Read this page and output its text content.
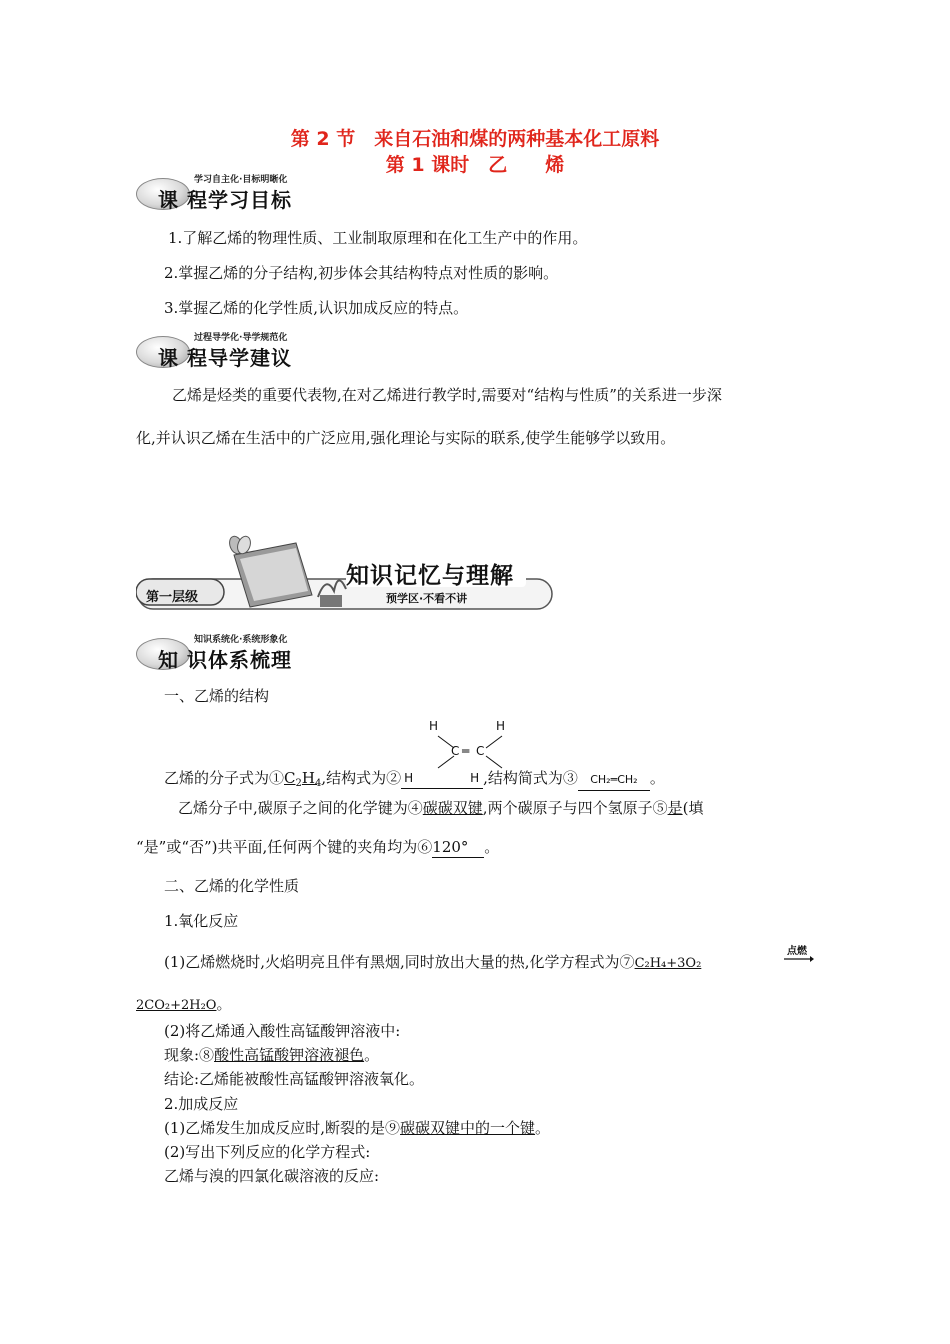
第 2 节　来自石油和煤的两种基本化工原料
第 1 课时　乙　　烯
学习自主化·目标明晰化
课 程学习目标
1.了解乙烯的物理性质、工业制取原理和在化工生产中的作用。
2.掌握乙烯的分子结构,初步体会其结构特点对性质的影响。
3.掌握乙烯的化学性质,认识加成反应的特点。
过程导学化·导学规范化
课 程导学建议
乙烯是烃类的重要代表物,在对乙烯进行教学时,需要对“结构与性质”的关系进一步深
化,并认识乙烯在生活中的广泛应用,强化理论与实际的联系,使学生能够学以致用。
第一层级
知识记忆与理解
预学区·不看不讲
知识系统化·系统形象化
知 识体系梳理
一、乙烯的结构
H	H
C ═ C
乙烯的分子式为$①C_2H_4$,结构式为② H	H ,结构简式为③ CH₂═CH₂ 。
乙烯分子中,碳原子之间的化学键为④碳碳双键,两个碳原子与四个氢原子⑤是(填
“是”或“否”)共平面,任何两个键的夹角均为⑥120° 。
二、乙烯的化学性质
1.氧化反应
(1)乙烯燃烧时,火焰明亮且伴有黑烟,同时放出大量的热,化学方程式为⑦C₂H₄+3O₂
点燃
2CO₂+2H₂O。
(2)将乙烯通入酸性高锰酸钾溶液中:
现象:⑧酸性高锰酸钾溶液褪色。
结论:乙烯能被酸性高锰酸钾溶液氧化。
2.加成反应
(1)乙烯发生加成反应时,断裂的是⑨碳碳双键中的一个键。
(2)写出下列反应的化学方程式:
乙烯与溴的四氯化碳溶液的反应:
